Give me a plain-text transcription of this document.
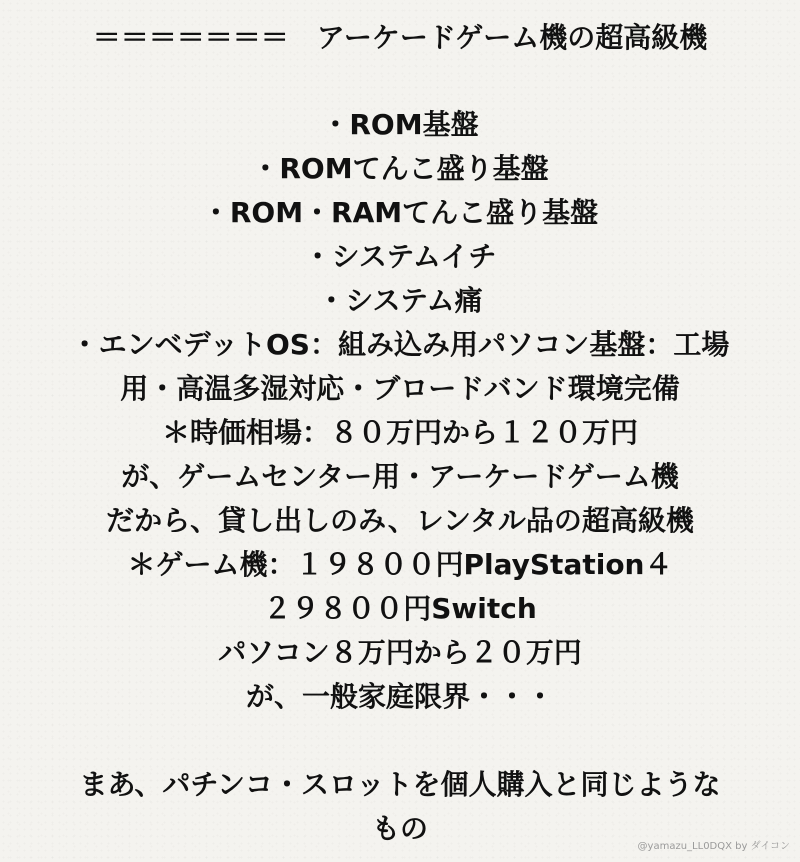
＝＝＝＝＝＝＝　アーケードゲーム機の超高級機
・ROM基盤
・ROMてんこ盛り基盤
・ROM・RAMてんこ盛り基盤
・システムイチ
・システム痛
・エンベデットOS：組み込み用パソコン基盤：工場
用・高温多湿対応・ブロードバンド環境完備
＊時価相場：８０万円から１２０万円
が、ゲームセンター用・アーケードゲーム機
だから、貸し出しのみ、レンタル品の超高級機
＊ゲーム機：１９８００円PlayStation４
２９８００円Switch
パソコン８万円から２０万円
が、一般家庭限界・・・
まあ、パチンコ・スロットを個人購入と同じような
もの
@yamazu_LL0DQX by ダイコン
